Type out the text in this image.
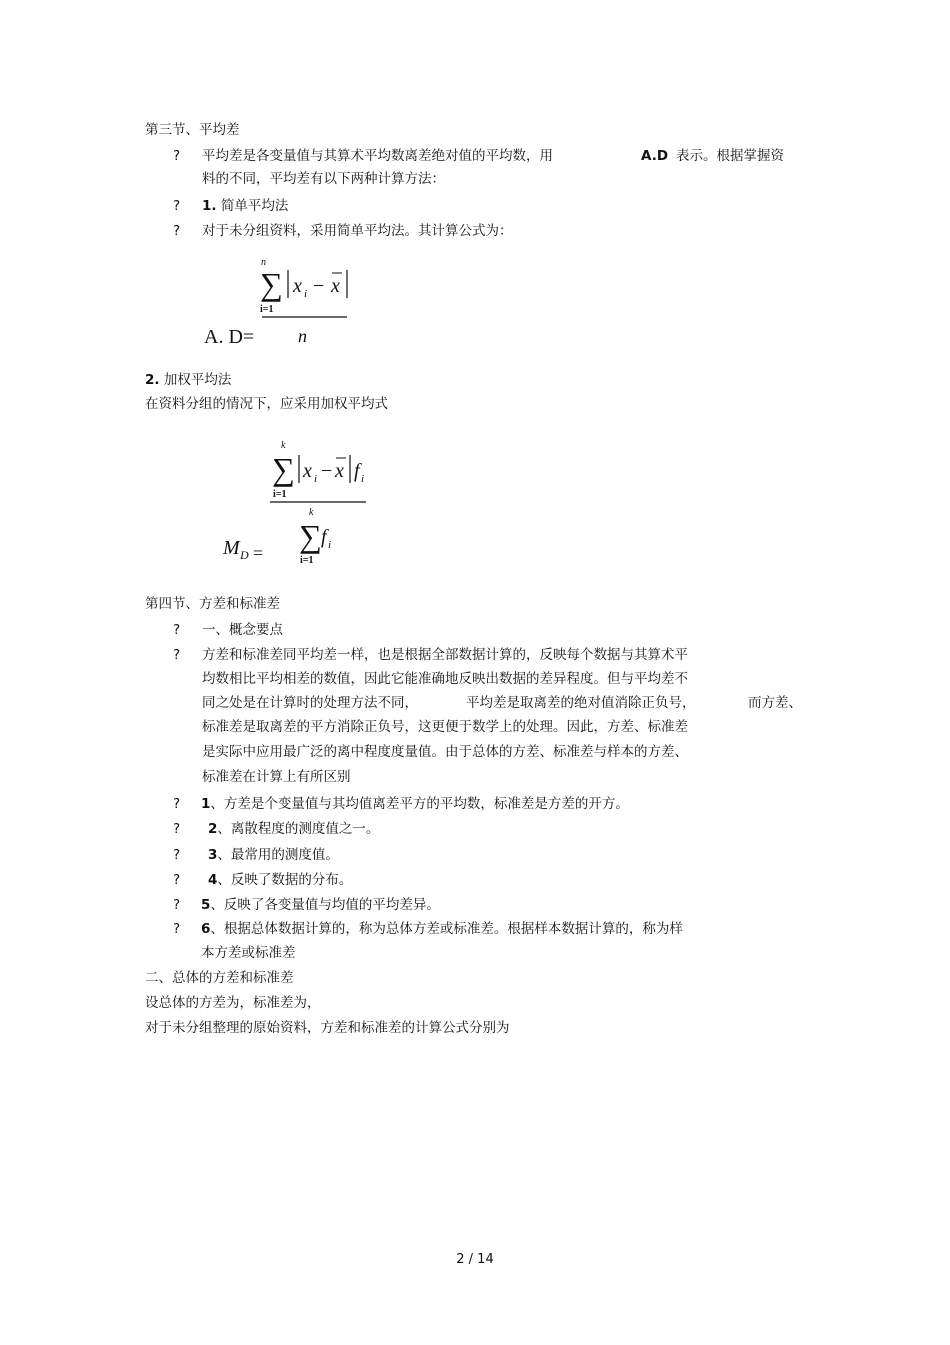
第三节、平均差
? 平均差是各变量值与其算术平均数离差绝对值的平均数，用	A.D 表示。根据掌握资
料的不同，平均差有以下两种计算方法：
? 1. 简单平均法
? 对于未分组资料，采用简单平均法。其计算公式为：
n
∑
i=1
x i − x
A. D= n
2. 加权平均法
在资料分组的情况下，应采用加权平均式
k
∑
i=1
x i − x f i
k
∑
i=1
f i
M D =
第四节、方差和标准差
? 一、概念要点
? 方差和标准差同平均差一样，也是根据全部数据计算的，反映每个数据与其算术平
均数相比平均相差的数值，因此它能准确地反映出数据的差异程度。但与平均差不
同之处是在计算时的处理方法不同，	平均差是取离差的绝对值消除正负号，	而方差、
标准差是取离差的平方消除正负号，这更便于数学上的处理。因此，方差、标准差
是实际中应用最广泛的离中程度度量值。由于总体的方差、标准差与样本的方差、
标准差在计算上有所区别
? 1、方差是个变量值与其均值离差平方的平均数，标准差是方差的开方。
? 2、离散程度的测度值之一。
? 3、最常用的测度值。
? 4、反映了数据的分布。
? 5、反映了各变量值与均值的平均差异。
? 6、根据总体数据计算的，称为总体方差或标准差。根据样本数据计算的，称为样
本方差或标准差
二、总体的方差和标准差
设总体的方差为，标准差为，
对于未分组整理的原始资料，方差和标准差的计算公式分别为
2 / 14
